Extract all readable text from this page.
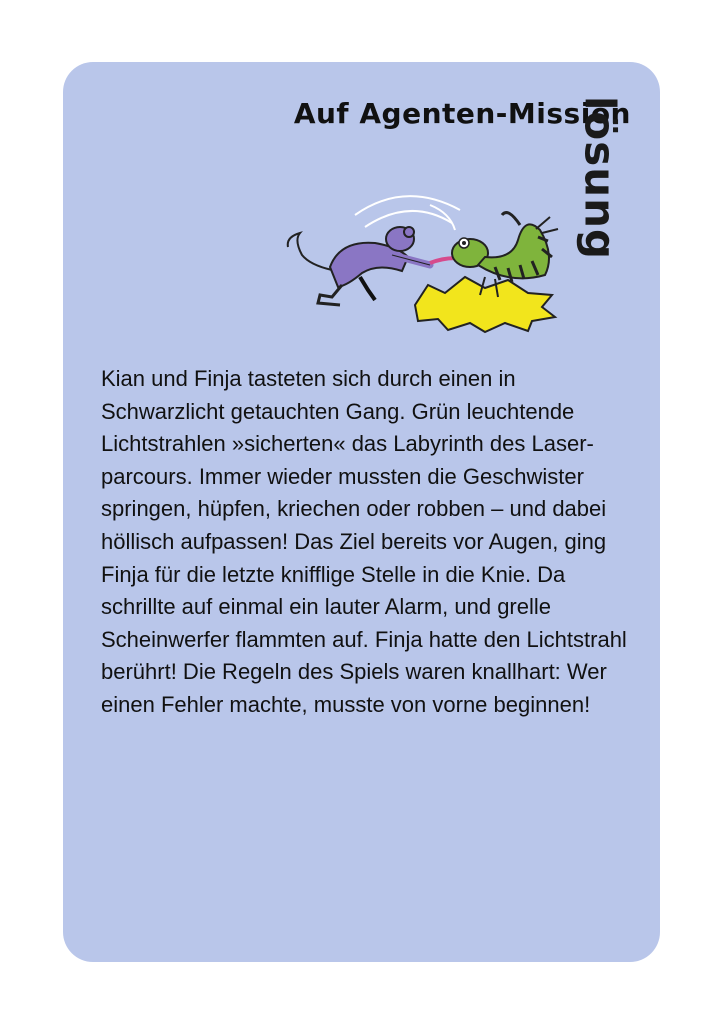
Auf Agenten-Mission
lösung

Kian und Finja tasteten sich durch einen in Schwarzlicht getauchten Gang. Grün leuchtende Lichtstrahlen »sicherten« das Labyrinth des Laserparcours. Immer wieder mussten die Geschwister springen, hüpfen, kriechen oder robben – und dabei höllisch aufpassen! Das Ziel bereits vor Augen, ging Finja für die letzte knifflige Stelle in die Knie. Da schrillte auf einmal ein lauter Alarm, und grelle Scheinwerfer flammten auf. Finja hatte den Lichtstrahl berührt! Die Regeln des Spiels waren knallhart: Wer einen Fehler machte, musste von vorne beginnen!
